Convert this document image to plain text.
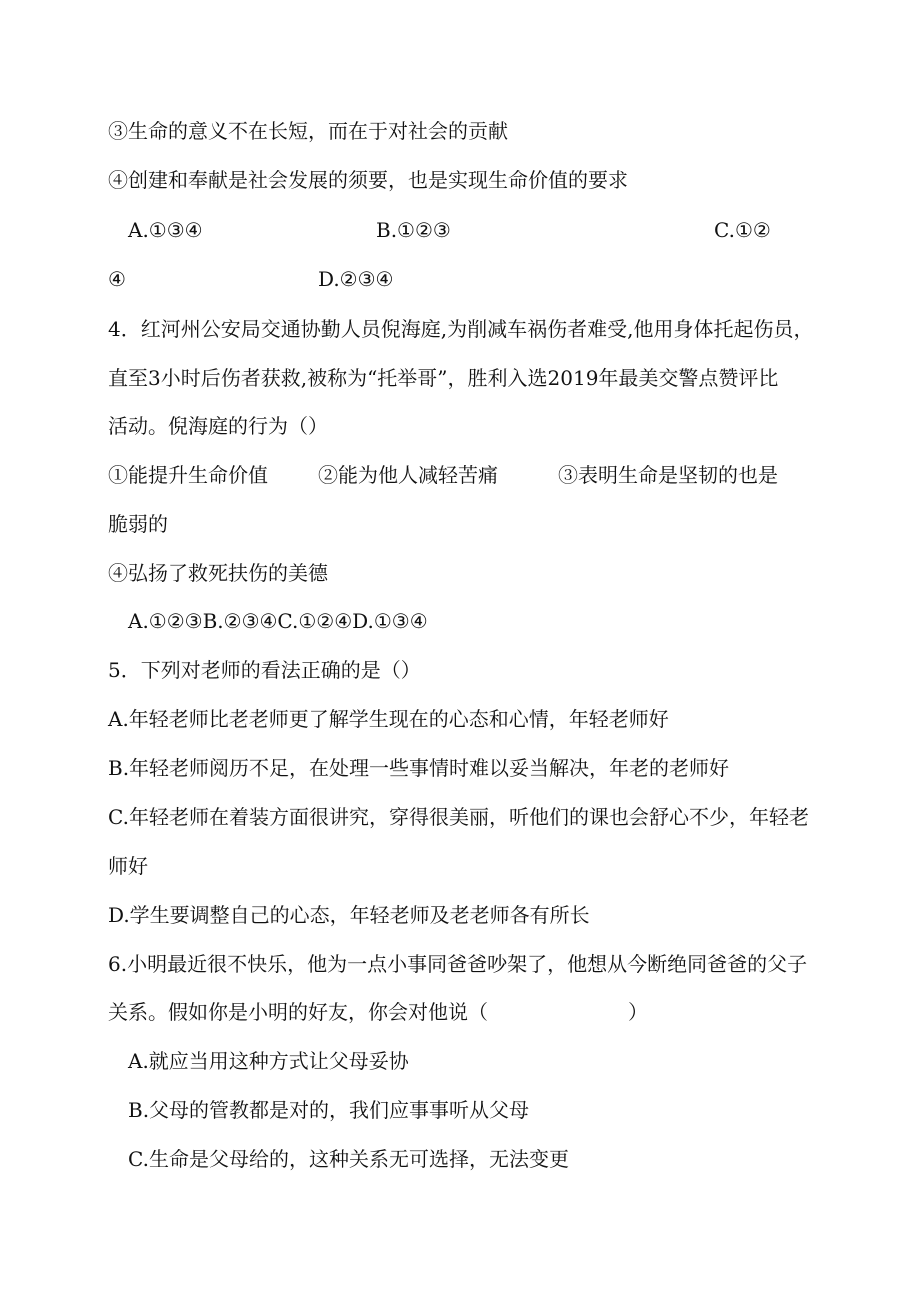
③生命的意义不在长短，而在于对社会的贡献
④创建和奉献是社会发展的须要，也是实现生命价值的要求
A.①③④	B.①②③	C.①②
④	D.②③④
4．红河州公安局交通协勤人员倪海庭,为削减车祸伤者难受,他用身体托起伤员，
直至3小时后伤者获救,被称为“托举哥”，胜利入选2019年最美交警点赞评比
活动。倪海庭的行为（）
①能提升生命价值	②能为他人减轻苦痛	③表明生命是坚韧的也是
脆弱的
④弘扬了救死扶伤的美德
A.①②③B.②③④C.①②④D.①③④
5．下列对老师的看法正确的是（）
A.年轻老师比老老师更了解学生现在的心态和心情，年轻老师好
B.年轻老师阅历不足，在处理一些事情时难以妥当解决，年老的老师好
C.年轻老师在着装方面很讲究，穿得很美丽，听他们的课也会舒心不少，年轻老
师好
D.学生要调整自己的心态，年轻老师及老老师各有所长
6.小明最近很不快乐，他为一点小事同爸爸吵架了，他想从今断绝同爸爸的父子
关系。假如你是小明的好友，你会对他说（	）
A.就应当用这种方式让父母妥协
B.父母的管教都是对的，我们应事事听从父母
C.生命是父母给的，这种关系无可选择，无法变更
